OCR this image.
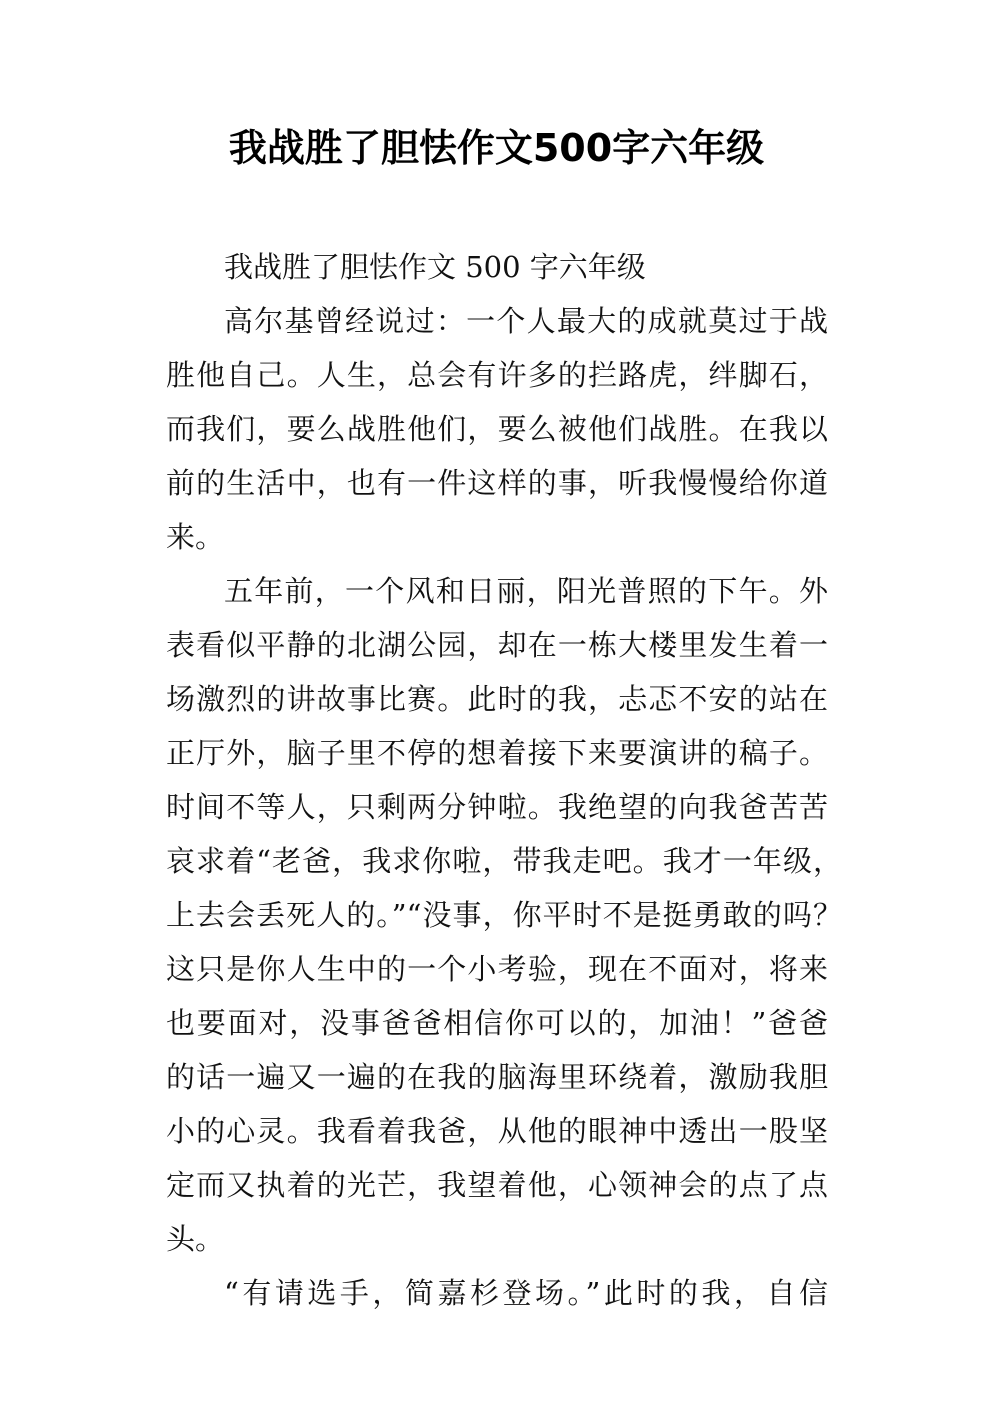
我战胜了胆怯作文500字六年级
我战胜了胆怯作文 500 字六年级
高尔基曾经说过：一个人最大的成就莫过于战
胜他自己。人生，总会有许多的拦路虎，绊脚石，
而我们，要么战胜他们，要么被他们战胜。在我以
前的生活中，也有一件这样的事，听我慢慢给你道
来。
五年前，一个风和日丽，阳光普照的下午。外
表看似平静的北湖公园，却在一栋大楼里发生着一
场激烈的讲故事比赛。此时的我，忐忑不安的站在
正厅外，脑子里不停的想着接下来要演讲的稿子。
时间不等人，只剩两分钟啦。我绝望的向我爸苦苦
哀求着“老爸，我求你啦，带我走吧。我才一年级，
上去会丢死人的。”“没事，你平时不是挺勇敢的吗？
这只是你人生中的一个小考验，现在不面对，将来
也要面对，没事爸爸相信你可以的，加油！”爸爸
的话一遍又一遍的在我的脑海里环绕着，激励我胆
小的心灵。我看着我爸，从他的眼神中透出一股坚
定而又执着的光芒，我望着他，心领神会的点了点
头。
“有请选手，简嘉杉登场。”此时的我，自信
